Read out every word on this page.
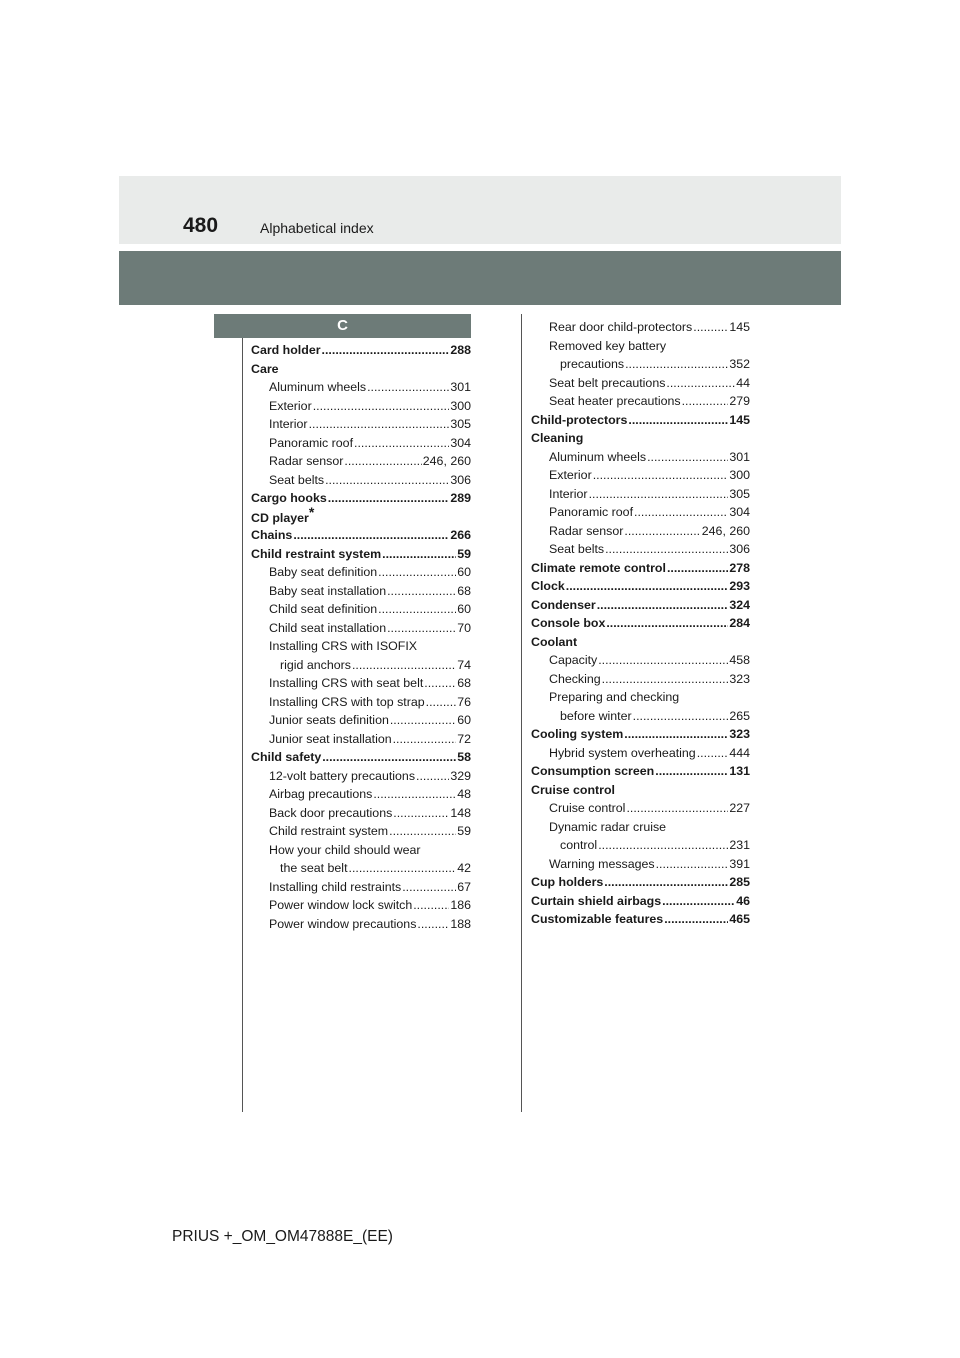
480	Alphabetical index
C
Card holder .....	288
Care
Aluminum wheels .....	301
Exterior .....	300
Interior .....	305
Panoramic roof .....	304
Radar sensor .....	246, 260
Seat belts .....	306
Cargo hooks .....	289
CD player*
Chains .....	266
Child restraint system .....	59
Baby seat definition .....	60
Baby seat installation .....	68
Child seat definition .....	60
Child seat installation .....	70
Installing CRS with ISOFIX
rigid anchors .....	74
Installing CRS with seat belt .....	68
Installing CRS with top strap .....	76
Junior seats definition .....	60
Junior seat installation .....	72
Child safety .....	58
12-volt battery precautions .....	329
Airbag precautions .....	48
Back door precautions .....	148
Child restraint system .....	59
How your child should wear
the seat belt .....	42
Installing child restraints .....	67
Power window lock switch .....	186
Power window precautions .....	188
Rear door child-protectors .....	145
Removed key battery
precautions .....	352
Seat belt precautions .....	44
Seat heater precautions .....	279
Child-protectors .....	145
Cleaning
Aluminum wheels .....	301
Exterior .....	300
Interior .....	305
Panoramic roof .....	304
Radar sensor .....	246, 260
Seat belts .....	306
Climate remote control .....	278
Clock .....	293
Condenser .....	324
Console box .....	284
Coolant
Capacity .....	458
Checking .....	323
Preparing and checking
before winter .....	265
Cooling system .....	323
Hybrid system overheating .....	444
Consumption screen .....	131
Cruise control
Cruise control .....	227
Dynamic radar cruise
control .....	231
Warning messages .....	391
Cup holders .....	285
Curtain shield airbags .....	46
Customizable features .....	465
PRIUS +_OM_OM47888E_(EE)
